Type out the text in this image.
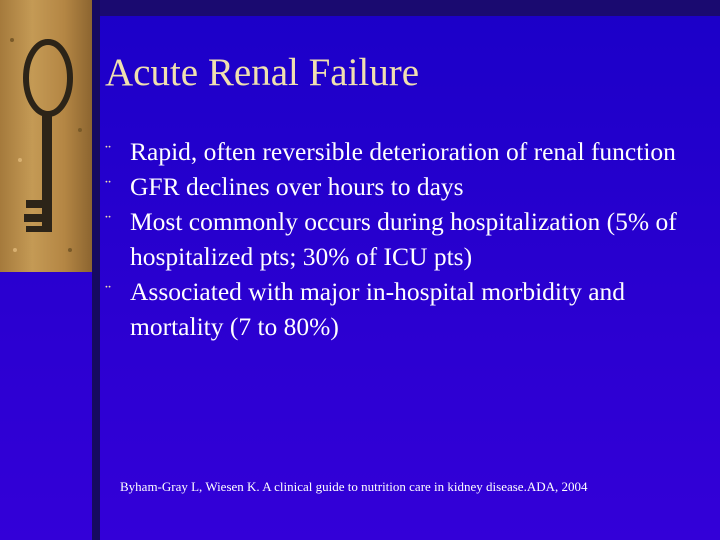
Acute Renal Failure
¨ Rapid, often reversible deterioration of renal function
¨ GFR declines over hours to days
¨ Most commonly occurs during hospitalization (5% of hospitalized pts; 30% of ICU pts)
¨ Associated with major in-hospital morbidity and mortality (7 to 80%)
Byham-Gray L, Wiesen K. A clinical guide to nutrition care in kidney disease.ADA, 2004
